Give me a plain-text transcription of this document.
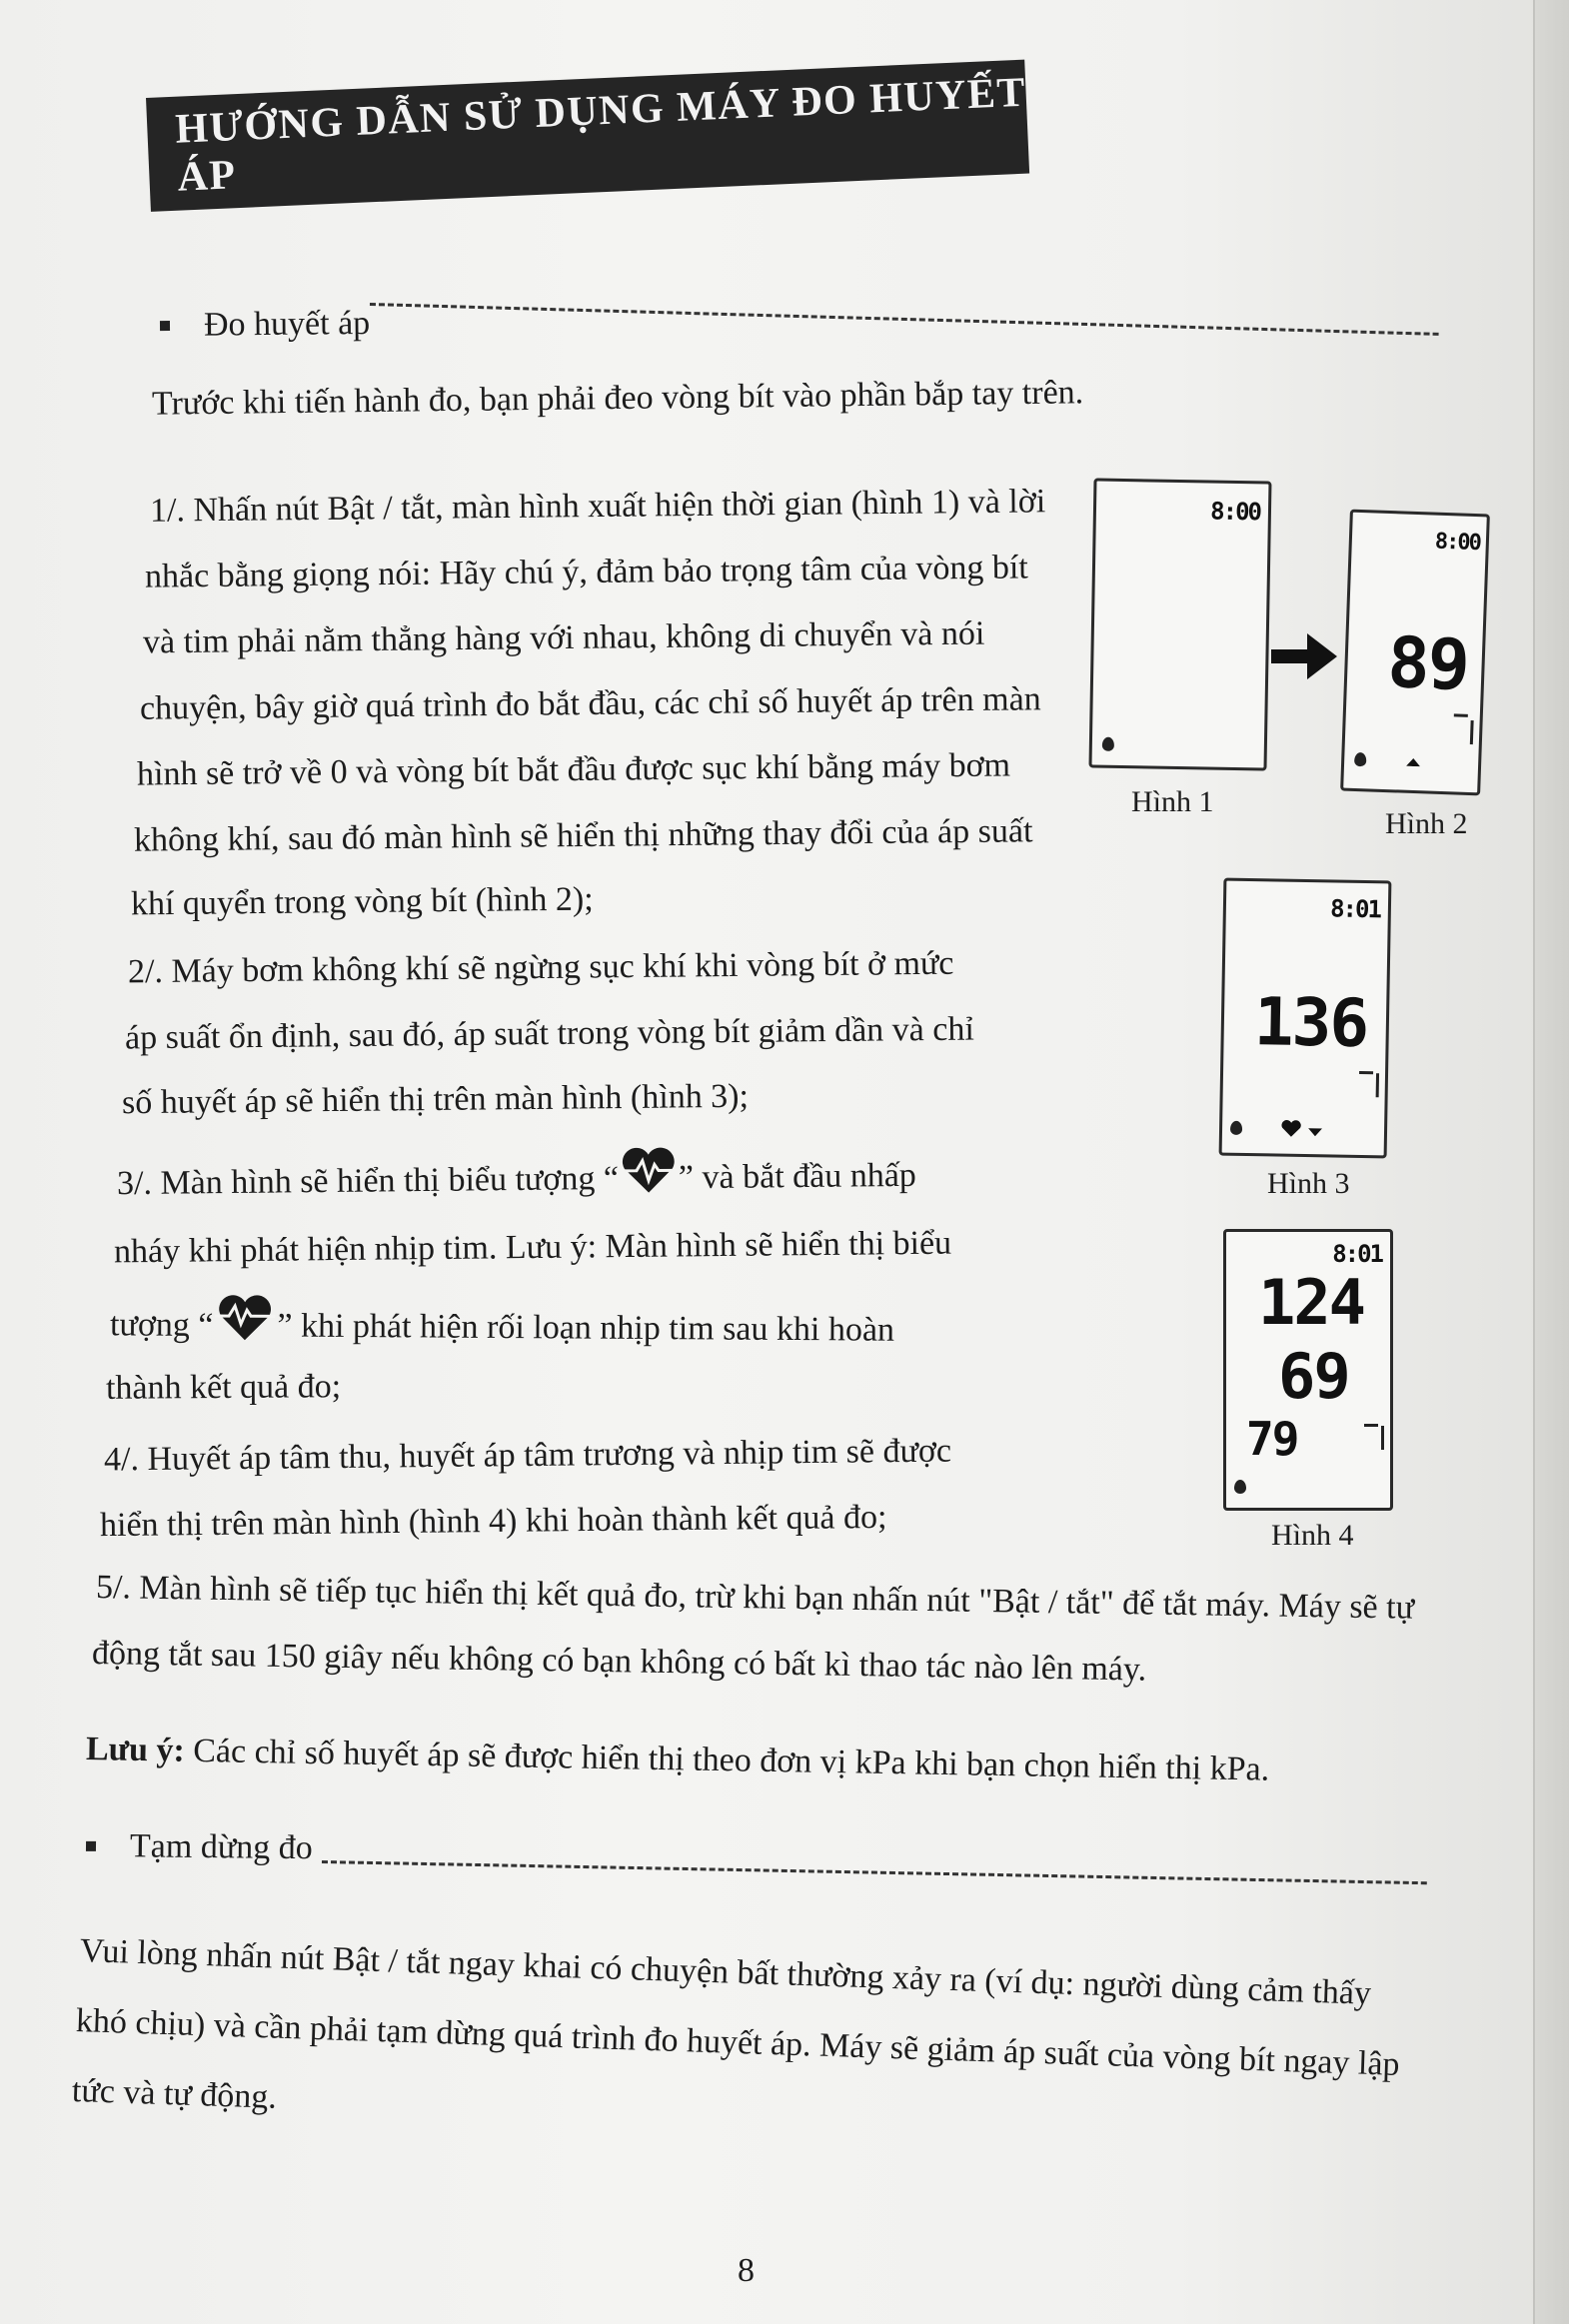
HƯỚNG DẪN SỬ DỤNG MÁY ĐO HUYẾT ÁP
Đo huyết áp
Trước khi tiến hành đo, bạn phải đeo vòng bít vào phần bắp tay trên.
1/. Nhấn nút Bật / tắt, màn hình xuất hiện thời gian (hình 1) và lời
nhắc bằng giọng nói: Hãy chú ý, đảm bảo trọng tâm của vòng bít
và tim phải nằm thẳng hàng với nhau, không di chuyển và nói
chuyện, bây giờ quá trình đo bắt đầu, các chỉ số huyết áp trên màn
hình sẽ trở về 0 và vòng bít bắt đầu được sục khí bằng máy bơm
không khí, sau đó màn hình sẽ hiển thị những thay đổi của áp suất
khí quyển trong vòng bít (hình 2);
2/. Máy bơm không khí sẽ ngừng sục khí khi vòng bít ở mức
áp suất ổn định, sau đó, áp suất trong vòng bít giảm dần và chỉ
số huyết áp sẽ hiển thị trên màn hình (hình 3);
3/. Màn hình sẽ hiển thị biểu tượng “ ” và bắt đầu nhấp
nháy khi phát hiện nhịp tim. Lưu ý: Màn hình sẽ hiển thị biểu
tượng “ ” khi phát hiện rối loạn nhịp tim sau khi hoàn
thành kết quả đo;
4/. Huyết áp tâm thu, huyết áp tâm trương và nhịp tim sẽ được
hiển thị trên màn hình (hình 4) khi hoàn thành kết quả đo;
5/. Màn hình sẽ tiếp tục hiển thị kết quả đo, trừ khi bạn nhấn nút "Bật / tắt" để tắt máy. Máy sẽ tự
động tắt sau 150 giây nếu không có bạn không có bất kì thao tác nào lên máy.
Lưu ý: Các chỉ số huyết áp sẽ được hiển thị theo đơn vị kPa khi bạn chọn hiển thị kPa.
Tạm dừng đo
Vui lòng nhấn nút Bật / tắt ngay khai có chuyện bất thường xảy ra (ví dụ: người dùng cảm thấy
khó chịu) và cần phải tạm dừng quá trình đo huyết áp. Máy sẽ giảm áp suất của vòng bít ngay lập
tức và tự động.
8:00
Hình 1
8:00
89
Hình 2
8:01
136
Hình 3
8:01
124
69
79
Hình 4
8
